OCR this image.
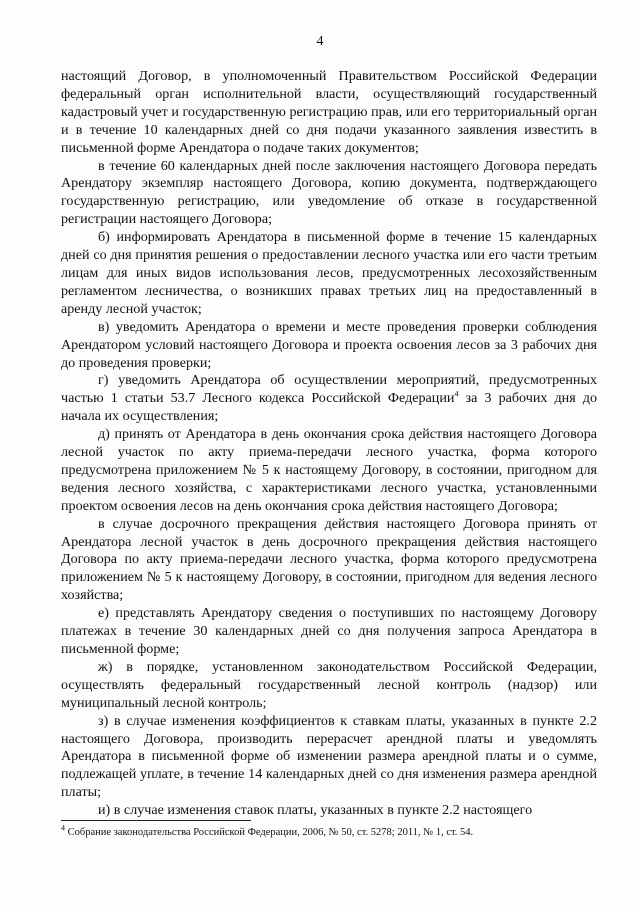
4

настоящий Договор, в уполномоченный Правительством Российской Федерации федеральный орган исполнительной власти, осуществляющий государственный кадастровый учет и государственную регистрацию прав, или его территориальный орган и в течение 10 календарных дней со дня подачи указанного заявления известить в письменной форме Арендатора о подаче таких документов;

в течение 60 календарных дней после заключения настоящего Договора передать Арендатору экземпляр настоящего Договора, копию документа, подтверждающего государственную регистрацию, или уведомление об отказе в государственной регистрации настоящего Договора;

б) информировать Арендатора в письменной форме в течение 15 календарных дней со дня принятия решения о предоставлении лесного участка или его части третьим лицам для иных видов использования лесов, предусмотренных лесохозяйственным регламентом лесничества, о возникших правах третьих лиц на предоставленный в аренду лесной участок;

в) уведомить Арендатора о времени и месте проведения проверки соблюдения Арендатором условий настоящего Договора и проекта освоения лесов за 3 рабочих дня до проведения проверки;

г) уведомить Арендатора об осуществлении мероприятий, предусмотренных частью 1 статьи 53.7 Лесного кодекса Российской Федерации$^4$ за 3 рабочих дня до начала их осуществления;

д) принять от Арендатора в день окончания срока действия настоящего Договора лесной участок по акту приема-передачи лесного участка, форма которого предусмотрена приложением № 5 к настоящему Договору, в состоянии, пригодном для ведения лесного хозяйства, с характеристиками лесного участка, установленными проектом освоения лесов на день окончания срока действия настоящего Договора;

в случае досрочного прекращения действия настоящего Договора принять от Арендатора лесной участок в день досрочного прекращения действия настоящего Договора по акту приема-передачи лесного участка, форма которого предусмотрена приложением № 5 к настоящему Договору, в состоянии, пригодном для ведения лесного хозяйства;

е) представлять Арендатору сведения о поступивших по настоящему Договору платежах в течение 30 календарных дней со дня получения запроса Арендатора в письменной форме;

ж) в порядке, установленном законодательством Российской Федерации, осуществлять федеральный государственный лесной контроль (надзор) или муниципальный лесной контроль;

з) в случае изменения коэффициентов к ставкам платы, указанных в пункте 2.2 настоящего Договора, производить перерасчет арендной платы и уведомлять Арендатора в письменной форме об изменении размера арендной платы и о сумме, подлежащей уплате, в течение 14 календарных дней со дня изменения размера арендной платы;

и) в случае изменения ставок платы, указанных в пункте 2.2 настоящего

$^4$ Собрание законодательства Российской Федерации, 2006, № 50, ст. 5278; 2011, № 1, ст. 54.
